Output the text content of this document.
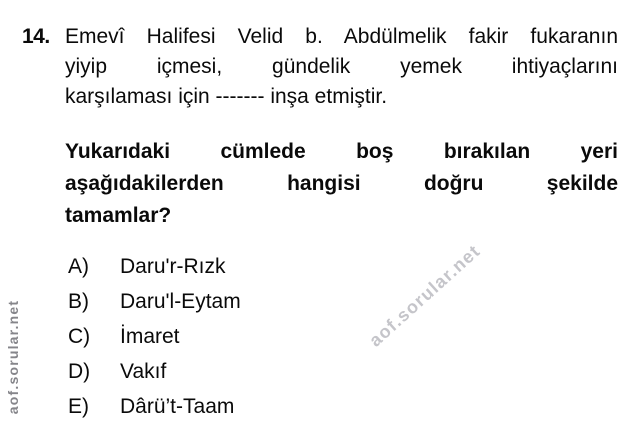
aof.sorular.net
aof.sorular.net
14. Emevî Halifesi Velid b. Abdülmelik fakir fukaranın
yiyip içmesi, gündelik yemek ihtiyaçlarını
karşılaması için ------- inşa etmiştir.
Yukarıdaki cümlede boş bırakılan yeri
aşağıdakilerden hangisi doğru şekilde
tamamlar?
A)	Daru'r-Rızk
B)	Daru'l-Eytam
C)	İmaret
D)	Vakıf
E)	Dârü’t-Taam
